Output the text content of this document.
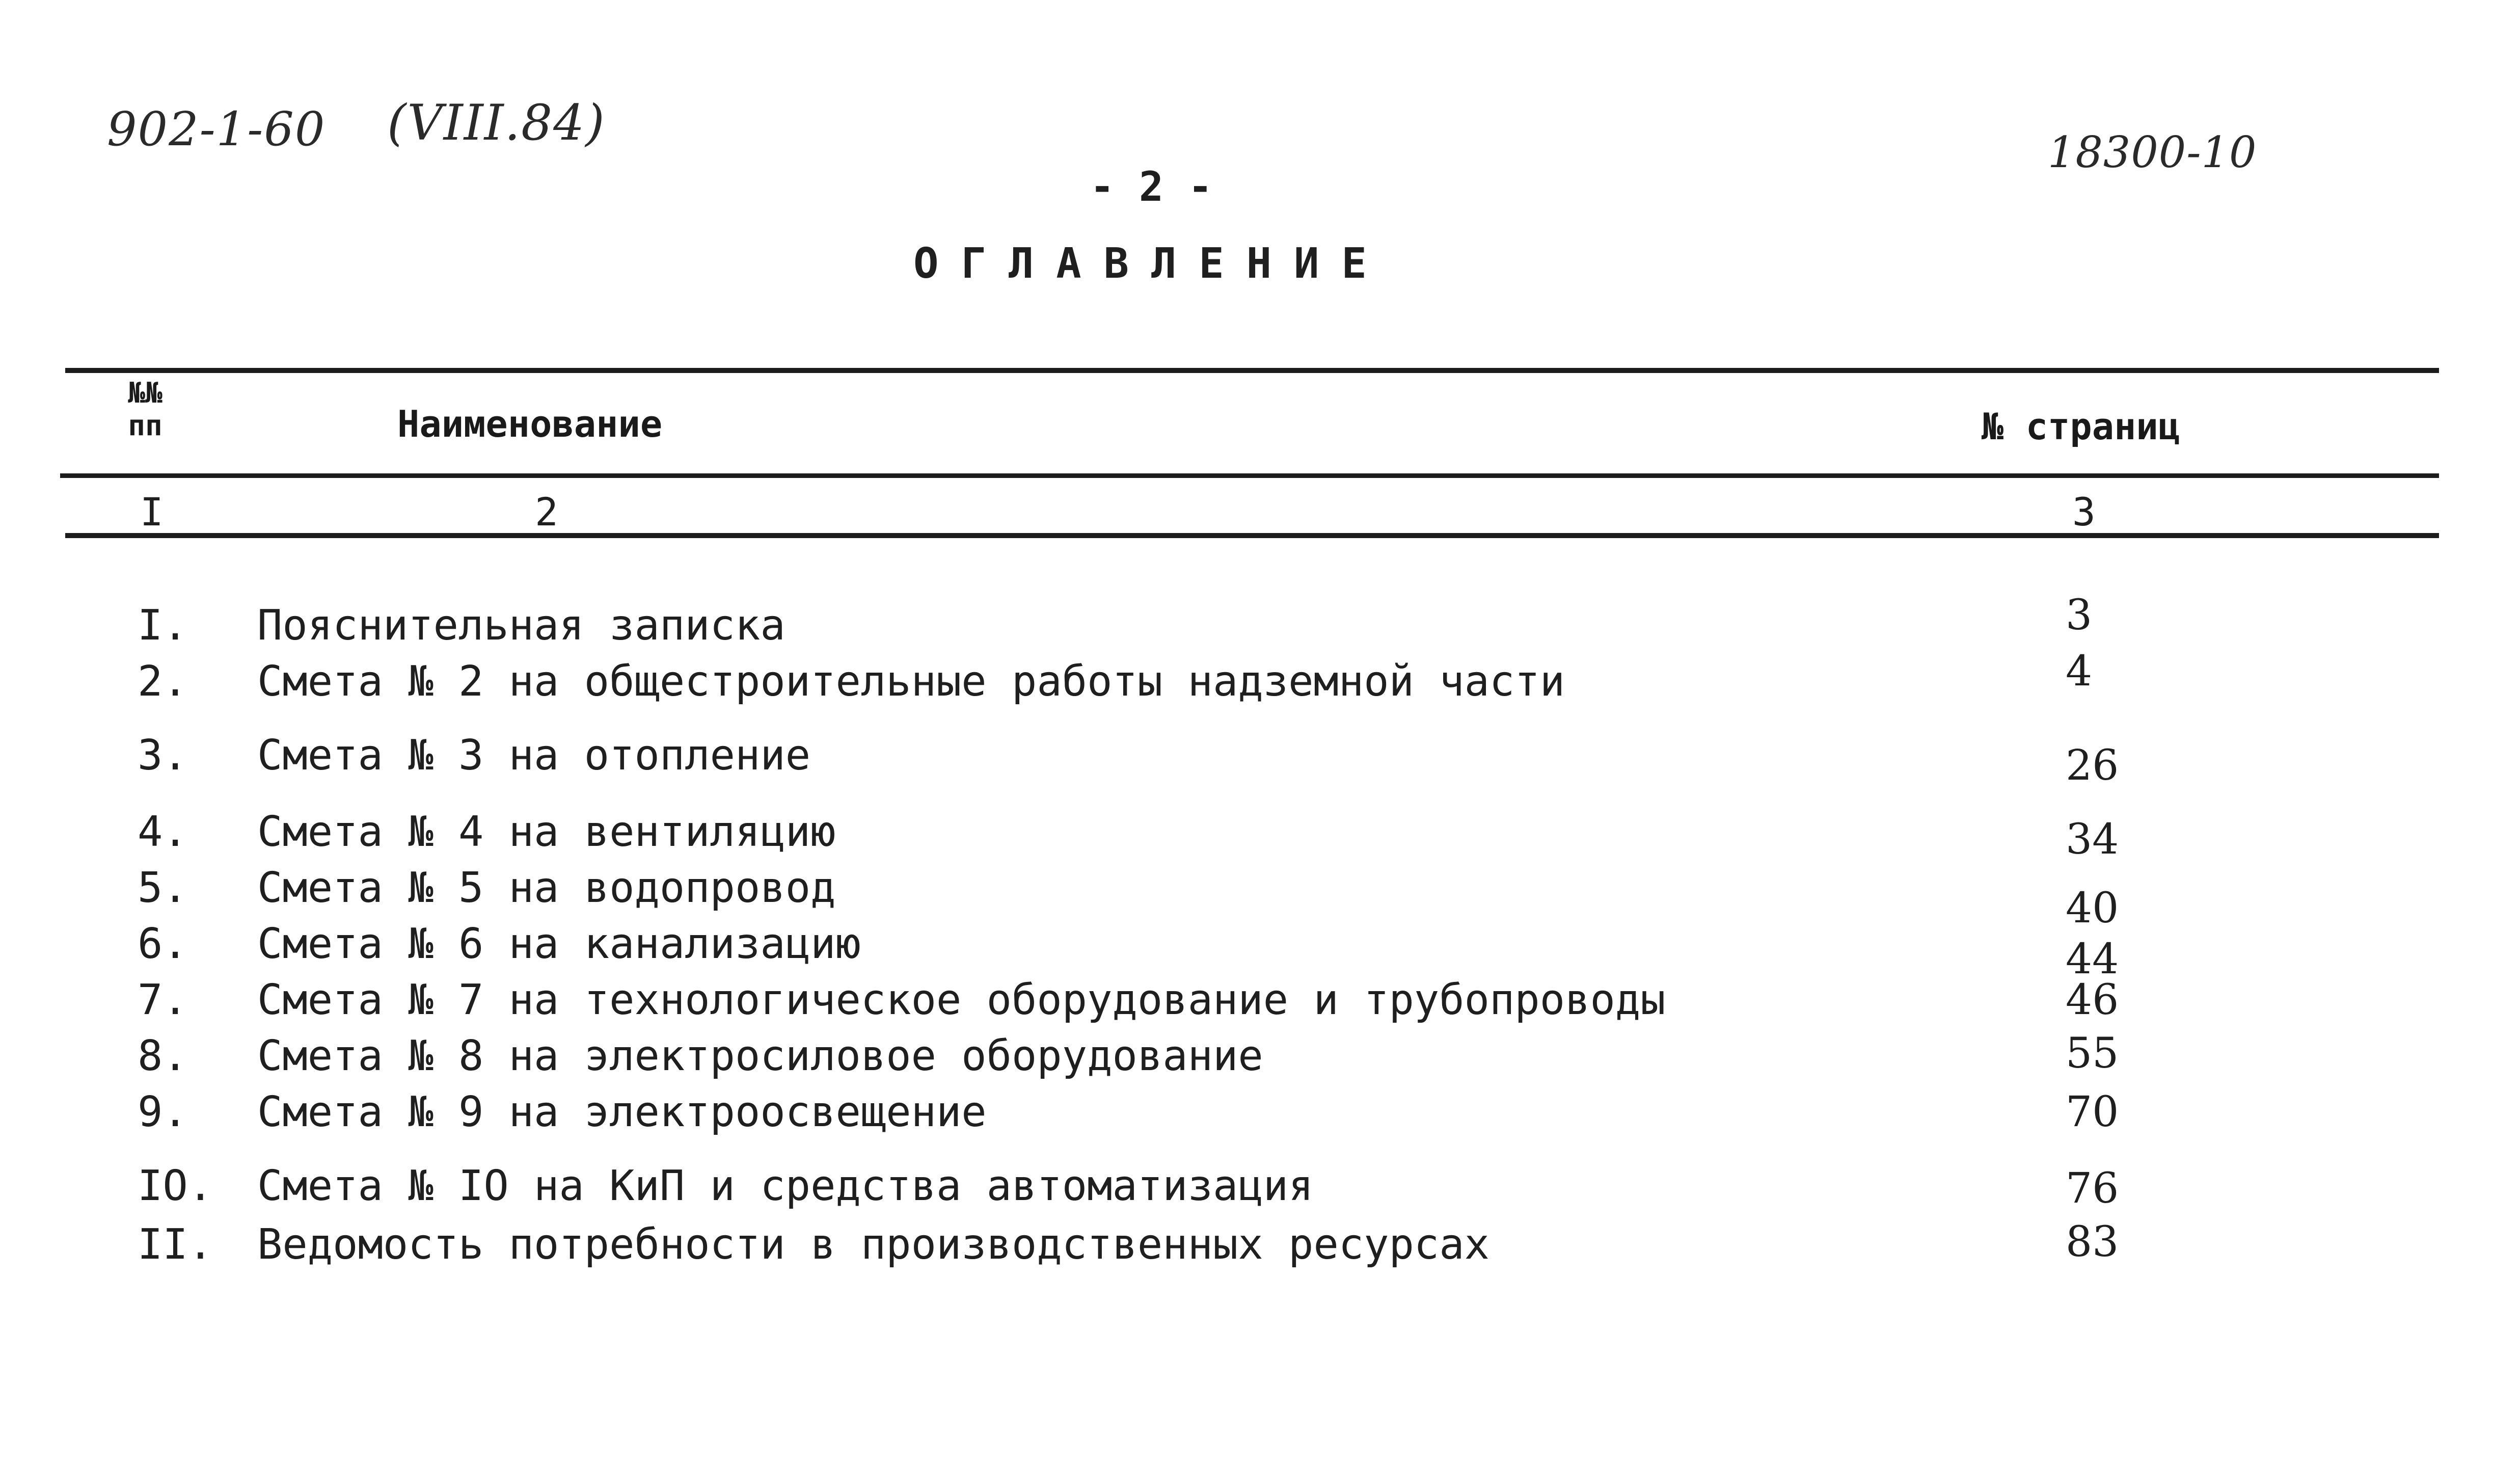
902-1-60 (VIII.84)
18300-10
- 2 -
ОГЛАВЛЕНИЕ
№№
пп	Наименование	№ страниц
I	2	3
I. Пояснительная записка	3
2. Смета № 2 на общестроительные работы надземной части	4
3. Смета № 3 на отопление	26
4. Смета № 4 на вентиляцию	34
5. Смета № 5 на водопровод	40
6. Смета № 6 на канализацию	44
7. Смета № 7 на технологическое оборудование и трубопроводы	46
8. Смета № 8 на электросиловое оборудование	55
9. Смета № 9 на электроосвещение	70
IO. Смета № IO на КиП и средства автоматизация	76
II. Ведомость потребности в производственных ресурсах	83
